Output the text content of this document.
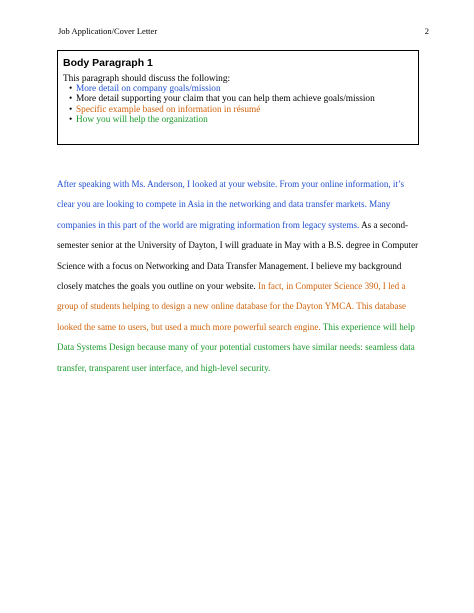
Job Application/Cover Letter	2
Body Paragraph 1
This paragraph should discuss the following:
• More detail on company goals/mission
• More detail supporting your claim that you can help them achieve goals/mission
• Specific example based on information in résumé
• How you will help the organization

After speaking with Ms. Anderson, I looked at your website. From your online information, it’s clear you are looking to compete in Asia in the networking and data transfer markets. Many companies in this part of the world are migrating information from legacy systems. As a second-semester senior at the University of Dayton, I will graduate in May with a B.S. degree in Computer Science with a focus on Networking and Data Transfer Management. I believe my background closely matches the goals you outline on your website. In fact, in Computer Science 390, I led a group of students helping to design a new online database for the Dayton YMCA. This database looked the same to users, but used a much more powerful search engine. This experience will help Data Systems Design because many of your potential customers have similar needs: seamless data transfer, transparent user interface, and high-level security.
